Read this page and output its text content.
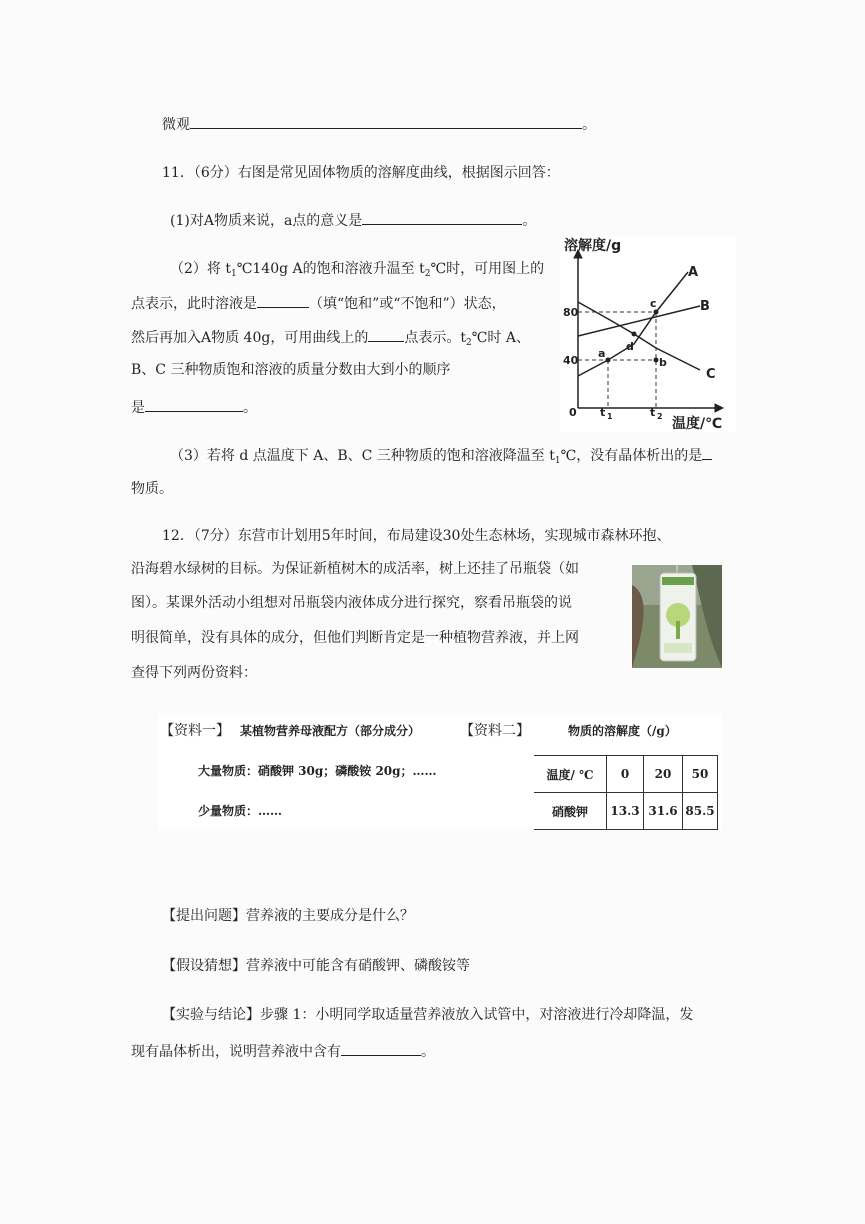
微观	。
11．（6分）右图是常见固体物质的溶解度曲线，根据图示回答：
(1)对A物质来说，a点的意义是	。
（2）将 $t_1℃140g$ A的饱和溶液升温至 $t_2℃$时，可用图上的
点表示，此时溶液是	（填“饱和”或“不饱和”）状态，
然后再加入A物质 40g，可用曲线上的	点表示。$t_2℃$时 A、
B、C 三种物质饱和溶液的质量分数由大到小的顺序
是	。
溶解度/g
温度/℃
80
40
0 t 1	t 2
A
B
C
a
b
c
d
（3）若将 d 点温度下 A、B、C 三种物质的饱和溶液降温至 $t_1℃$，没有晶体析出的是
物质。
12．（7分）东营市计划用5年时间，布局建设30处生态林场，实现城市森林环抱、
沿海碧水绿树的目标。为保证新植树木的成活率，树上还挂了吊瓶袋（如
图）。某课外活动小组想对吊瓶袋内液体成分进行探究，察看吊瓶袋的说
明很简单，没有具体的成分，但他们判断肯定是一种植物营养液，并上网
查得下列两份资料：
【资料一】 某植物营养母液配方（部分成分）
大量物质：硝酸钾 30g；磷酸铵 20g；……
少量物质：……
【资料二】	物质的溶解度（/g）
温度/ ℃	0	20	50
硝酸钾	13.3	31.6	85.5
【提出问题】营养液的主要成分是什么？
【假设猜想】营养液中可能含有硝酸钾、磷酸铵等
【实验与结论】步骤 1：小明同学取适量营养液放入试管中，对溶液进行冷却降温，发
现有晶体析出，说明营养液中含有	。
